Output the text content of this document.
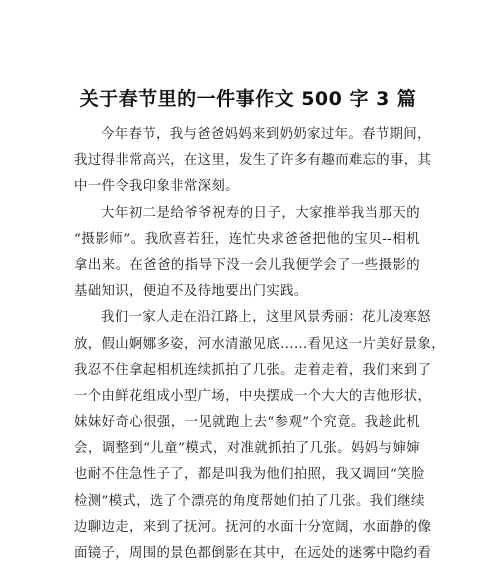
关于春节里的一件事作文 500 字 3 篇
今年春节，我与爸爸妈妈来到奶奶家过年。春节期间，
我过得非常高兴，在这里，发生了许多有趣而难忘的事，其
中一件令我印象非常深刻。
大年初二是给爷爷祝寿的日子，大家推举我当那天的
“摄影师”。我欣喜若狂，连忙央求爸爸把他的宝贝--相机
拿出来。在爸爸的指导下没一会儿我便学会了一些摄影的
基础知识，便迫不及待地要出门实践。
我们一家人走在沿江路上，这里风景秀丽：花儿凌寒怒
放，假山婀娜多姿，河水清澈见底……看见这一片美好景象，
我忍不住拿起相机连续抓拍了几张。走着走着，我们来到了
一个由鲜花组成小型广场，中央摆成一个大大的吉他形状，
妹妹好奇心很强，一见就跑上去“参观”个究竟。我趁此机
会，调整到“儿童”模式，对准就抓拍了几张。妈妈与婶婶
也耐不住急性子了，都是叫我为他们拍照，我又调回“笑脸
检测”模式，选了个漂亮的角度帮她们拍了几张。我们继续
边聊边走，来到了抚河。抚河的水面十分宽阔，水面静的像
面镜子，周围的景色都倒影在其中，在远处的迷雾中隐约看
